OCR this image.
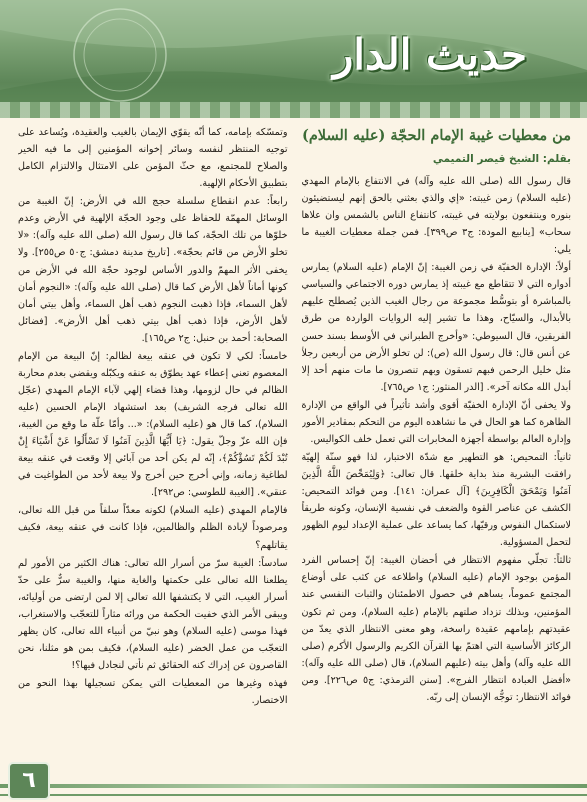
حديث الدار
من معطيات غيبة الإمام الحجّة (عليه السلام)
بقلم: الشيخ قيصر التميمي

قال رسول الله (صلى الله عليه وآله) في الانتفاع بالإمام المهدي (عليه السلام) زمن غيبته: «إي والذي بعثني بالحق إنهم ليستضيئون بنوره وينتفعون بولايته في غيبته، كانتفاع الناس بالشمس وان علاها سحاب» [ينابيع المودة: ج٣ ص٣٩٩]. فمن جملة معطيات الغيبة ما يلي:

أولاً: الإدارة الخفيّة في زمن الغيبة: إنّ الإمام (عليه السلام) يمارس أدواره التي لا تتقاطع مع غيبته إذ يمارس دوره الاجتماعي والسياسي بالمباشرة أو بتوسُّط مجموعة من رجال الغيب الذين يُصطلح عليهم بالأبدال، والسيّاح، وهذا ما تشير إليه الروايات الواردة من طرق الفريقين، قال السيوطي: «وأخرج الطبراني في الأوسط بسند حسن عن أنس قال: قال رسول الله (ص): لن تخلو الأرض من أربعين رجلاً مثل خليل الرحمن فبهم تسقون وبهم تنصرون ما مات منهم أحد إلا أبدل الله مكانه آخر». [الدر المنثور: ج١ ص٧٦٥].

ولا يخفى أنّ الإدارة الخفيّة أقوى وأشد تأثيراً في الواقع من الإدارة الظاهرة كما هو الحال في ما نشاهده اليوم من التحكم بمقادير الأمور وإدارة العالم بواسطة أجهزة المخابرات التي تعمل خلف الكواليس.

ثانياً: التمحيص: هو التطهير مع شدّة الاختبار، لذا فهو سنّة إلهيّة رافقت البشرية منذ بداية خلقها. قال تعالى: ﴿وَلِيُمَحِّصَ اللَّهُ الَّذِينَ آمَنُوا وَيَمْحَقَ الْكَافِرِينَ﴾ [آل عمران: ١٤١]. ومن فوائد التمحيص: الكشف عن عناصر القوة والضعف في نفسية الإنسان، وكونه طريقاً لاستكمال النفوس ورقيّها، كما يساعد على عملية الإعداد ليوم الظهور لتحمل المسؤولية.

ثالثاً: تجلّي مفهوم الانتظار في أحضان الغيبة: إنّ إحساس الفرد المؤمن بوجود الإمام (عليه السلام) واطلاعه عن كثب على أوضاع المجتمع عموماً، يساهم في حصول الاطمئنان والثبات النفسي عند المؤمنين، وبذلك تزداد صلتهم بالإمام (عليه السلام)، ومن ثم تكون عقيدتهم بإمامهم عقيدة راسخة، وهو معنى الانتظار الذي يعدّ من الركائز الأساسية التي اهتمّ بها القرآن الكريم والرسول الأكرم (صلى الله عليه وآله) وأهل بيته (عليهم السلام)، قال (صلى الله عليه وآله): «أفضل العبادة انتظار الفرج». [سنن الترمذي: ج٥ ص٢٢٦]. ومن فوائد الانتظار: توجُّه الإنسان إلى ربّه.

وتمسّكه بإمامه، كما أنّه يقوّي الإيمان بالغيب والعقيدة، ويُساعد على توجيه المنتظر لنفسه وسائر إخوانه المؤمنين إلى ما فيه الخير والصلاح للمجتمع، مع حثّ المؤمن على الامتثال والالتزام الكامل بتطبيق الأحكام الإلهية.

رابعاً: عدم انقطاع سلسلة حجج الله في الأرض: إنّ الغيبة من الوسائل المهمّة للحفاظ على وجود الحجّة الإلهية في الأرض وعدم خلوّها من تلك الحجّة، كما قال رسول الله (صلى الله عليه وآله): «لا تخلو الأرض من قائم بحجّة». [تاريخ مدينة دمشق: ج٥٠ ص٢٥٥]. ولا يخفى الأثر المهمّ والدور الأساس لوجود حجّة الله في الأرض من كونها أماناً لأهل الأرض كما قال (صلى الله عليه وآله): «النجوم أمان لأهل السماء، فإذا ذهبت النجوم ذهب أهل السماء، وأهل بيتي أمان لأهل الأرض، فإذا ذهب أهل بيتي ذهب أهل الأرض». [فضائل الصحابة: أحمد بن حنبل: ج٢ ص١٦٥].

خامساً: لكي لا تكون في عنقه بيعة لظالم: إنّ البيعة من الإمام المعصوم تعني إعطاء عهد يطوّق به عنقه ويكبّله ويقضي بعدم محاربة الظالم في حال لزومها، وهذا قضاء إلهي لآباء الإمام المهدي (عجّل الله تعالى فرجه الشريف) بعد استشهاد الإمام الحسين (عليه السلام)، كما قال هو (عليه السلام): «... وأمّا علّة ما وقع من الغيبة، فإن الله عزّ وجلّ يقول: ﴿يَا أَيُّهَا الَّذِينَ آمَنُوا لَا تَسْأَلُوا عَنْ أَشْيَاءَ إِنْ تُبْدَ لَكُمْ تَسُؤْكُمْ﴾، إنّه لم يكن أحد من آبائي إلا وقعت في عنقه بيعة لطاغية زمانه، وإني أخرج حين أخرج ولا بيعة لأحد من الطواغيت في عنقي». [الغيبة للطوسي: ص٢٩٢].

فالإمام المهدي (عليه السلام) لكونه معدّاً سلفاً من قبل الله تعالى، ومرصوداً لإبادة الظلم والظالمين، فإذا كانت في عنقه بيعة، فكيف يقاتلهم؟

سادساً: الغيبة سرّ من أسرار الله تعالى: هناك الكثير من الأمور لم يطلعنا الله تعالى على حكمتها والغاية منها، والغيبة سرٌّ على حدّ أسرار الغيب، التي لا يكتشفها الله تعالى إلا لمن ارتضى من أوليائه، ويبقى الأمر الذي خفيت الحكمة من ورائه مثاراً للتعجّب والاستغراب، فهذا موسى (عليه السلام) وهو نبيّ من أنبياء الله تعالى، كان يظهر التعجّب من عمل الخضر (عليه السلام)، فكيف بمن هو مثلنا، نحن القاصرون عن إدراك كنه الحقائق ثم نأتي لنجادل فيها؟!

فهذه وغيرها من المعطيات التي يمكن تسجيلها بهذا النحو من الاختصار.

٦
